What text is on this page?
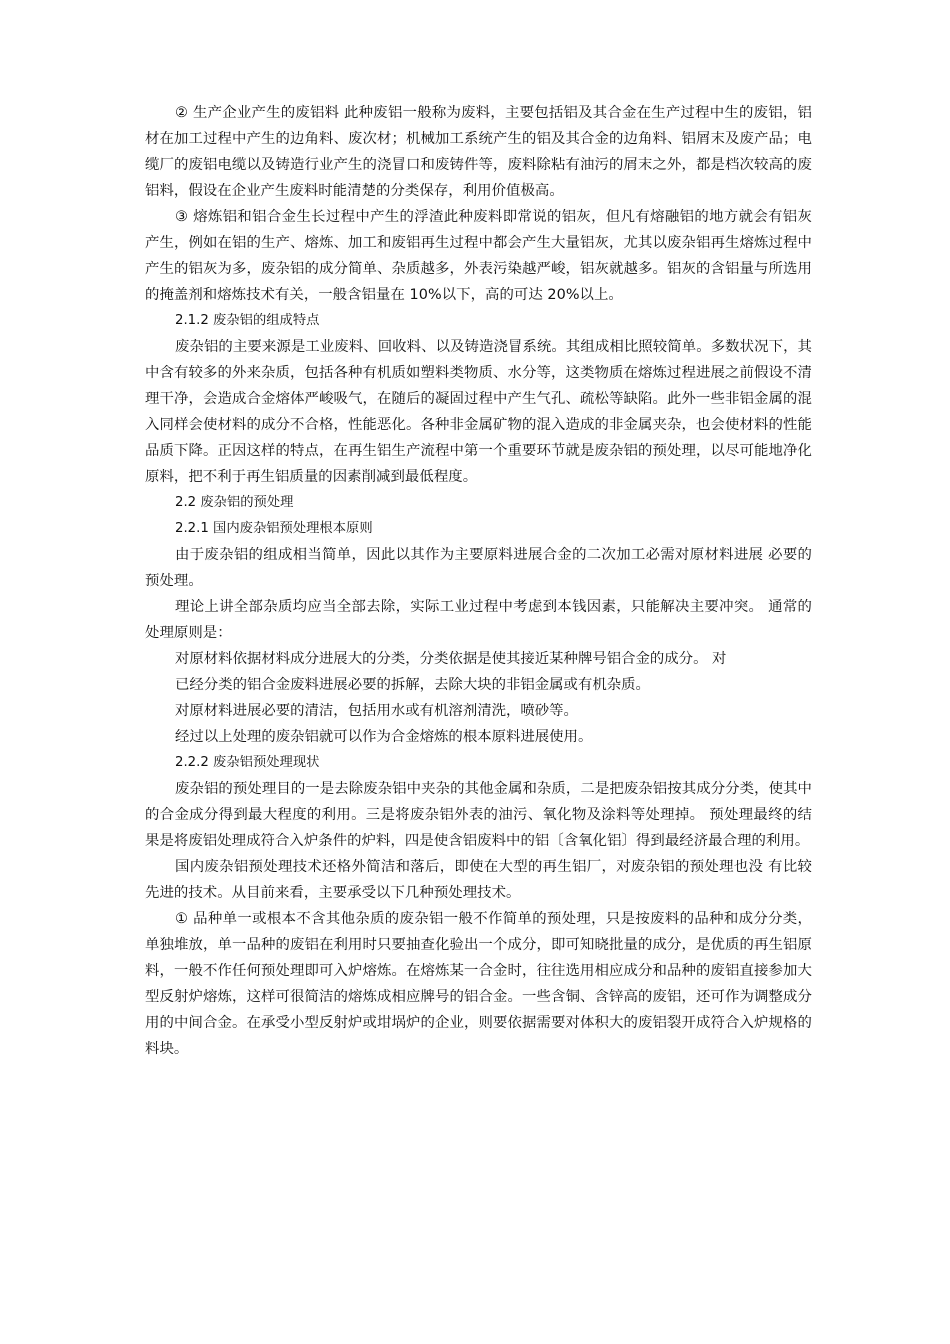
② 生产企业产生的废铝料 此种废铝一般称为废料，主要包括铝及其合金在生产过程中生的废铝，铝材在加工过程中产生的边角料、废次材；机械加工系统产生的铝及其合金的边角料、铝屑末及废产品；电缆厂的废铝电缆以及铸造行业产生的浇冒口和废铸件等，废料除粘有油污的屑末之外，都是档次较高的废铝料，假设在企业产生废料时能清楚的分类保存，利用价值极高。

③ 熔炼铝和铝合金生长过程中产生的浮渣此种废料即常说的铝灰，但凡有熔融铝的地方就会有铝灰产生，例如在铝的生产、熔炼、加工和废铝再生过程中都会产生大量铝灰，尤其以废杂铝再生熔炼过程中产生的铝灰为多，废杂铝的成分简单、杂质越多，外表污染越严峻，铝灰就越多。铝灰的含铝量与所选用的掩盖剂和熔炼技术有关，一般含铝量在 10%以下，高的可达 20%以上。

2.1.2 废杂铝的组成特点

废杂铝的主要来源是工业废料、回收料、以及铸造浇冒系统。其组成相比照较简单。多数状况下，其中含有较多的外来杂质，包括各种有机质如塑料类物质、水分等，这类物质在熔炼过程进展之前假设不清理干净，会造成合金熔体严峻吸气，在随后的凝固过程中产生气孔、疏松等缺陷。此外一些非铝金属的混入同样会使材料的成分不合格，性能恶化。各种非金属矿物的混入造成的非金属夹杂，也会使材料的性能品质下降。正因这样的特点，在再生铝生产流程中第一个重要环节就是废杂铝的预处理，以尽可能地净化原料，把不利于再生铝质量的因素削减到最低程度。

2.2 废杂铝的预处理

2.2.1 国内废杂铝预处理根本原则

由于废杂铝的组成相当简单，因此以其作为主要原料进展合金的二次加工必需对原材料进展 必要的预处理。

理论上讲全部杂质均应当全部去除，实际工业过程中考虑到本钱因素，只能解决主要冲突。 通常的处理原则是：

对原材料依据材料成分进展大的分类，分类依据是使其接近某种牌号铝合金的成分。 对

已经分类的铝合金废料进展必要的拆解，去除大块的非铝金属或有机杂质。

对原材料进展必要的清洁，包括用水或有机溶剂清洗，喷砂等。

经过以上处理的废杂铝就可以作为合金熔炼的根本原料进展使用。

2.2.2 废杂铝预处理现状

废杂铝的预处理目的一是去除废杂铝中夹杂的其他金属和杂质，二是把废杂铝按其成分分类，使其中的合金成分得到最大程度的利用。三是将废杂铝外表的油污、氧化物及涂料等处理掉。 预处理最终的结果是将废铝处理成符合入炉条件的炉料，四是使含铝废料中的铝〔含氧化铝〕得到最经济最合理的利用。

国内废杂铝预处理技术还格外简洁和落后，即使在大型的再生铝厂，对废杂铝的预处理也没 有比较先进的技术。从目前来看，主要承受以下几种预处理技术。

① 品种单一或根本不含其他杂质的废杂铝一般不作简单的预处理，只是按废料的品种和成分分类，单独堆放，单一品种的废铝在利用时只要抽查化验出一个成分，即可知晓批量的成分，是优质的再生铝原料，一般不作任何预处理即可入炉熔炼。在熔炼某一合金时，往往选用相应成分和品种的废铝直接参加大型反射炉熔炼，这样可很简洁的熔炼成相应牌号的铝合金。一些含铜、含锌高的废铝，还可作为调整成分用的中间合金。在承受小型反射炉或坩埚炉的企业，则要依据需要对体积大的废铝裂开成符合入炉规格的料块。
